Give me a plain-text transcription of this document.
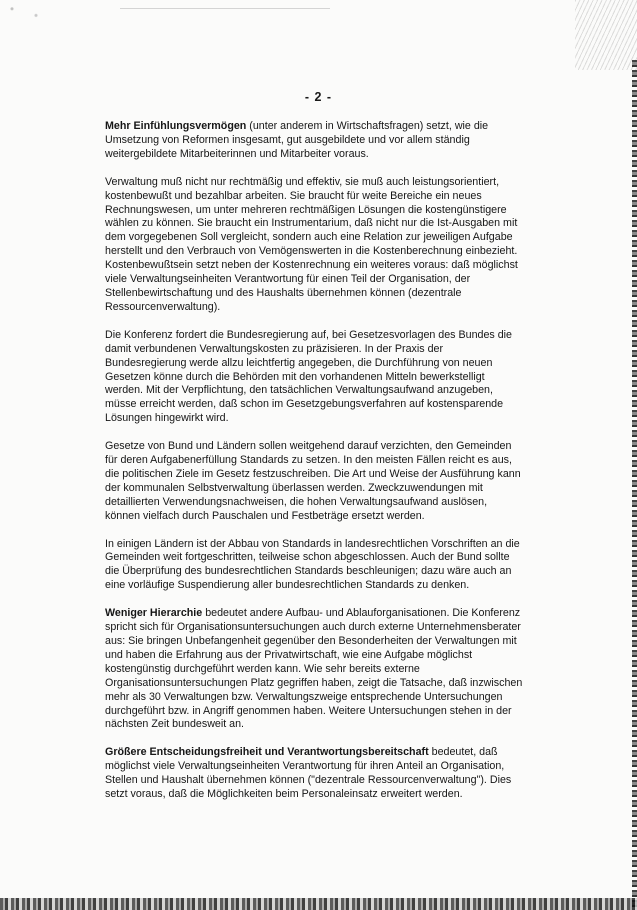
- 2 -

Mehr Einfühlungsvermögen (unter anderem in Wirtschaftsfragen) setzt, wie die Umsetzung von Reformen insgesamt, gut ausgebildete und vor allem ständig weitergebildete Mitarbeiterinnen und Mitarbeiter voraus.

Verwaltung muß nicht nur rechtmäßig und effektiv, sie muß auch leistungsorientiert, kostenbewußt und bezahlbar arbeiten. Sie braucht für weite Bereiche ein neues Rechnungswesen, um unter mehreren rechtmäßigen Lösungen die kostengünstigere wählen zu können. Sie braucht ein Instrumentarium, daß nicht nur die Ist-Ausgaben mit dem vorgegebenen Soll vergleicht, sondern auch eine Relation zur jeweiligen Aufgabe herstellt und den Verbrauch von Vemögenswerten in die Kostenberechnung einbezieht. Kostenbewußtsein setzt neben der Kostenrechnung ein weiteres voraus: daß möglichst viele Verwaltungseinheiten Verantwortung für einen Teil der Organisation, der Stellenbewirtschaftung und des Haushalts übernehmen können (dezentrale Ressourcenverwaltung).

Die Konferenz fordert die Bundesregierung auf, bei Gesetzesvorlagen des Bundes die damit verbundenen Verwaltungskosten zu präzisieren. In der Praxis der Bundesregierung werde allzu leichtfertig angegeben, die Durchführung von neuen Gesetzen könne durch die Behörden mit den vorhandenen Mitteln bewerkstelligt werden. Mit der Verpflichtung, den tatsächlichen Verwaltungsaufwand anzugeben, müsse erreicht werden, daß schon im Gesetzgebungsverfahren auf kostensparende Lösungen hingewirkt wird.

Gesetze von Bund und Ländern sollen weitgehend darauf verzichten, den Gemeinden für deren Aufgabenerfüllung Standards zu setzen. In den meisten Fällen reicht es aus, die politischen Ziele im Gesetz festzuschreiben. Die Art und Weise der Ausführung kann der kommunalen Selbstverwaltung überlassen werden. Zweckzuwendungen mit detaillierten Verwendungsnachweisen, die hohen Verwaltungsaufwand auslösen, können vielfach durch Pauschalen und Festbeträge ersetzt werden.

In einigen Ländern ist der Abbau von Standards in landesrechtlichen Vorschriften an die Gemeinden weit fortgeschritten, teilweise schon abgeschlossen. Auch der Bund sollte die Überprüfung des bundesrechtlichen Standards beschleunigen; dazu wäre auch an eine vorläufige Suspendierung aller bundesrechtlichen Standards zu denken.

Weniger Hierarchie bedeutet andere Aufbau- und Ablauforganisationen. Die Konferenz spricht sich für Organisationsuntersuchungen auch durch externe Unternehmensberater aus: Sie bringen Unbefangenheit gegenüber den Besonderheiten der Verwaltungen mit und haben die Erfahrung aus der Privatwirtschaft, wie eine Aufgabe möglichst kostengünstig durchgeführt werden kann. Wie sehr bereits externe Organisationsuntersuchungen Platz gegriffen haben, zeigt die Tatsache, daß inzwischen mehr als 30 Verwaltungen bzw. Verwaltungszweige entsprechende Untersuchungen durchgeführt bzw. in Angriff genommen haben. Weitere Untersuchungen stehen in der nächsten Zeit bundesweit an.

Größere Entscheidungsfreiheit und Verantwortungsbereitschaft bedeutet, daß möglichst viele Verwaltungseinheiten Verantwortung für ihren Anteil an Organisation, Stellen und Haushalt übernehmen können ("dezentrale Ressourcenverwaltung"). Dies setzt voraus, daß die Möglichkeiten beim Personaleinsatz erweitert werden.
